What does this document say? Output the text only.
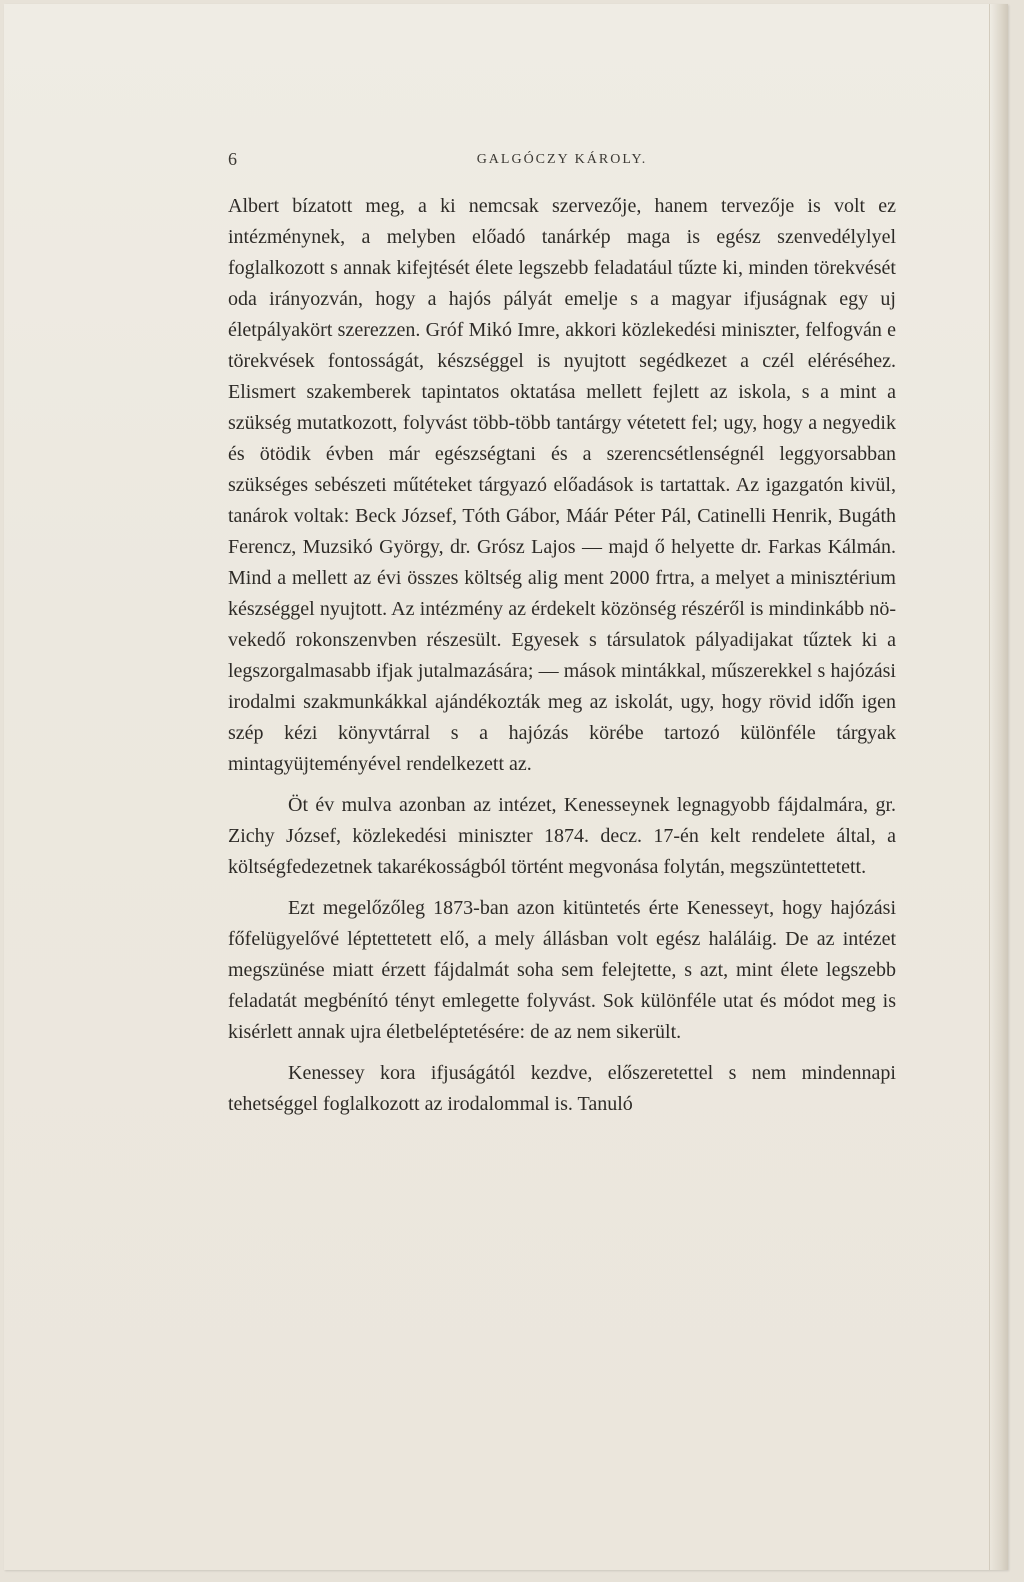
6	GALGÓCZY KÁROLY.

Albert bízatott meg, a ki nemcsak szervezője, hanem tervezője is volt ez intézménynek, a melyben előadó tanárkép maga is egész szenvedélylyel foglalkozott s annak kifejtését élete legszebb feladatául tűzte ki, minden törekvését oda irányozván, hogy a hajós pályát emelje s a magyar ifjuságnak egy uj életpályakört szerezzen. Gróf Mikó Imre, akkori közlekedési miniszter, felfogván e törekvések fontosságát, készséggel is nyujtott segédkezet a czél eléréséhez. Elismert szakemberek tapintatos oktatása mellett fejlett az iskola, s a mint a szükség mutatkozott, folyvást több-több tantárgy vétetett fel; ugy, hogy a negyedik és ötödik évben már egészségtani és a szerencsétlenségnél leggyorsabban szükséges sebészeti műtéteket tárgyazó előadások is tartattak. Az igazgatón kivül, tanárok voltak: Beck József, Tóth Gábor, Máár Péter Pál, Catinelli Henrik, Bugáth Ferencz, Muzsikó György, dr. Grósz Lajos — majd ő helyette dr. Farkas Kálmán. Mind a mellett az évi összes költség alig ment 2000 frtra, a melyet a minisztérium készséggel nyujtott. Az intézmény az érdekelt közönség részéről is mindinkább növekedő rokonszenvben részesült. Egyesek s társulatok pályadijakat tűztek ki a legszorgalmasabb ifjak jutalmazására; — mások mintákkal, műszerekkel s hajózási irodalmi szakmunkákkal ajándékozták meg az iskolát, ugy, hogy rövid idő̋n igen szép kézi könyvtárral s a hajózás körébe tartozó különféle tárgyak mintagyüjteményével rendelkezett az.

Öt év mulva azonban az intézet, Kenesseynek legnagyobb fájdalmára, gr. Zichy József, közlekedési miniszter 1874. decz. 17-én kelt rendelete által, a költségfedezetnek takarékosságból történt megvonása folytán, megszüntettetett.

Ezt megelőzőleg 1873-ban azon kitüntetés érte Kenesseyt, hogy hajózási főfelügyelővé léptettetett elő, a mely állásban volt egész haláláig. De az intézet megszünése miatt érzett fájdalmát soha sem felejtette, s azt, mint élete legszebb feladatát megbénító tényt emlegette folyvást. Sok különféle utat és módot meg is kisérlett annak ujra életbeléptetésére: de az nem sikerült.

Kenessey kora ifjuságától kezdve, előszeretettel s nem mindennapi tehetséggel foglalkozott az irodalommal is. Tanuló
